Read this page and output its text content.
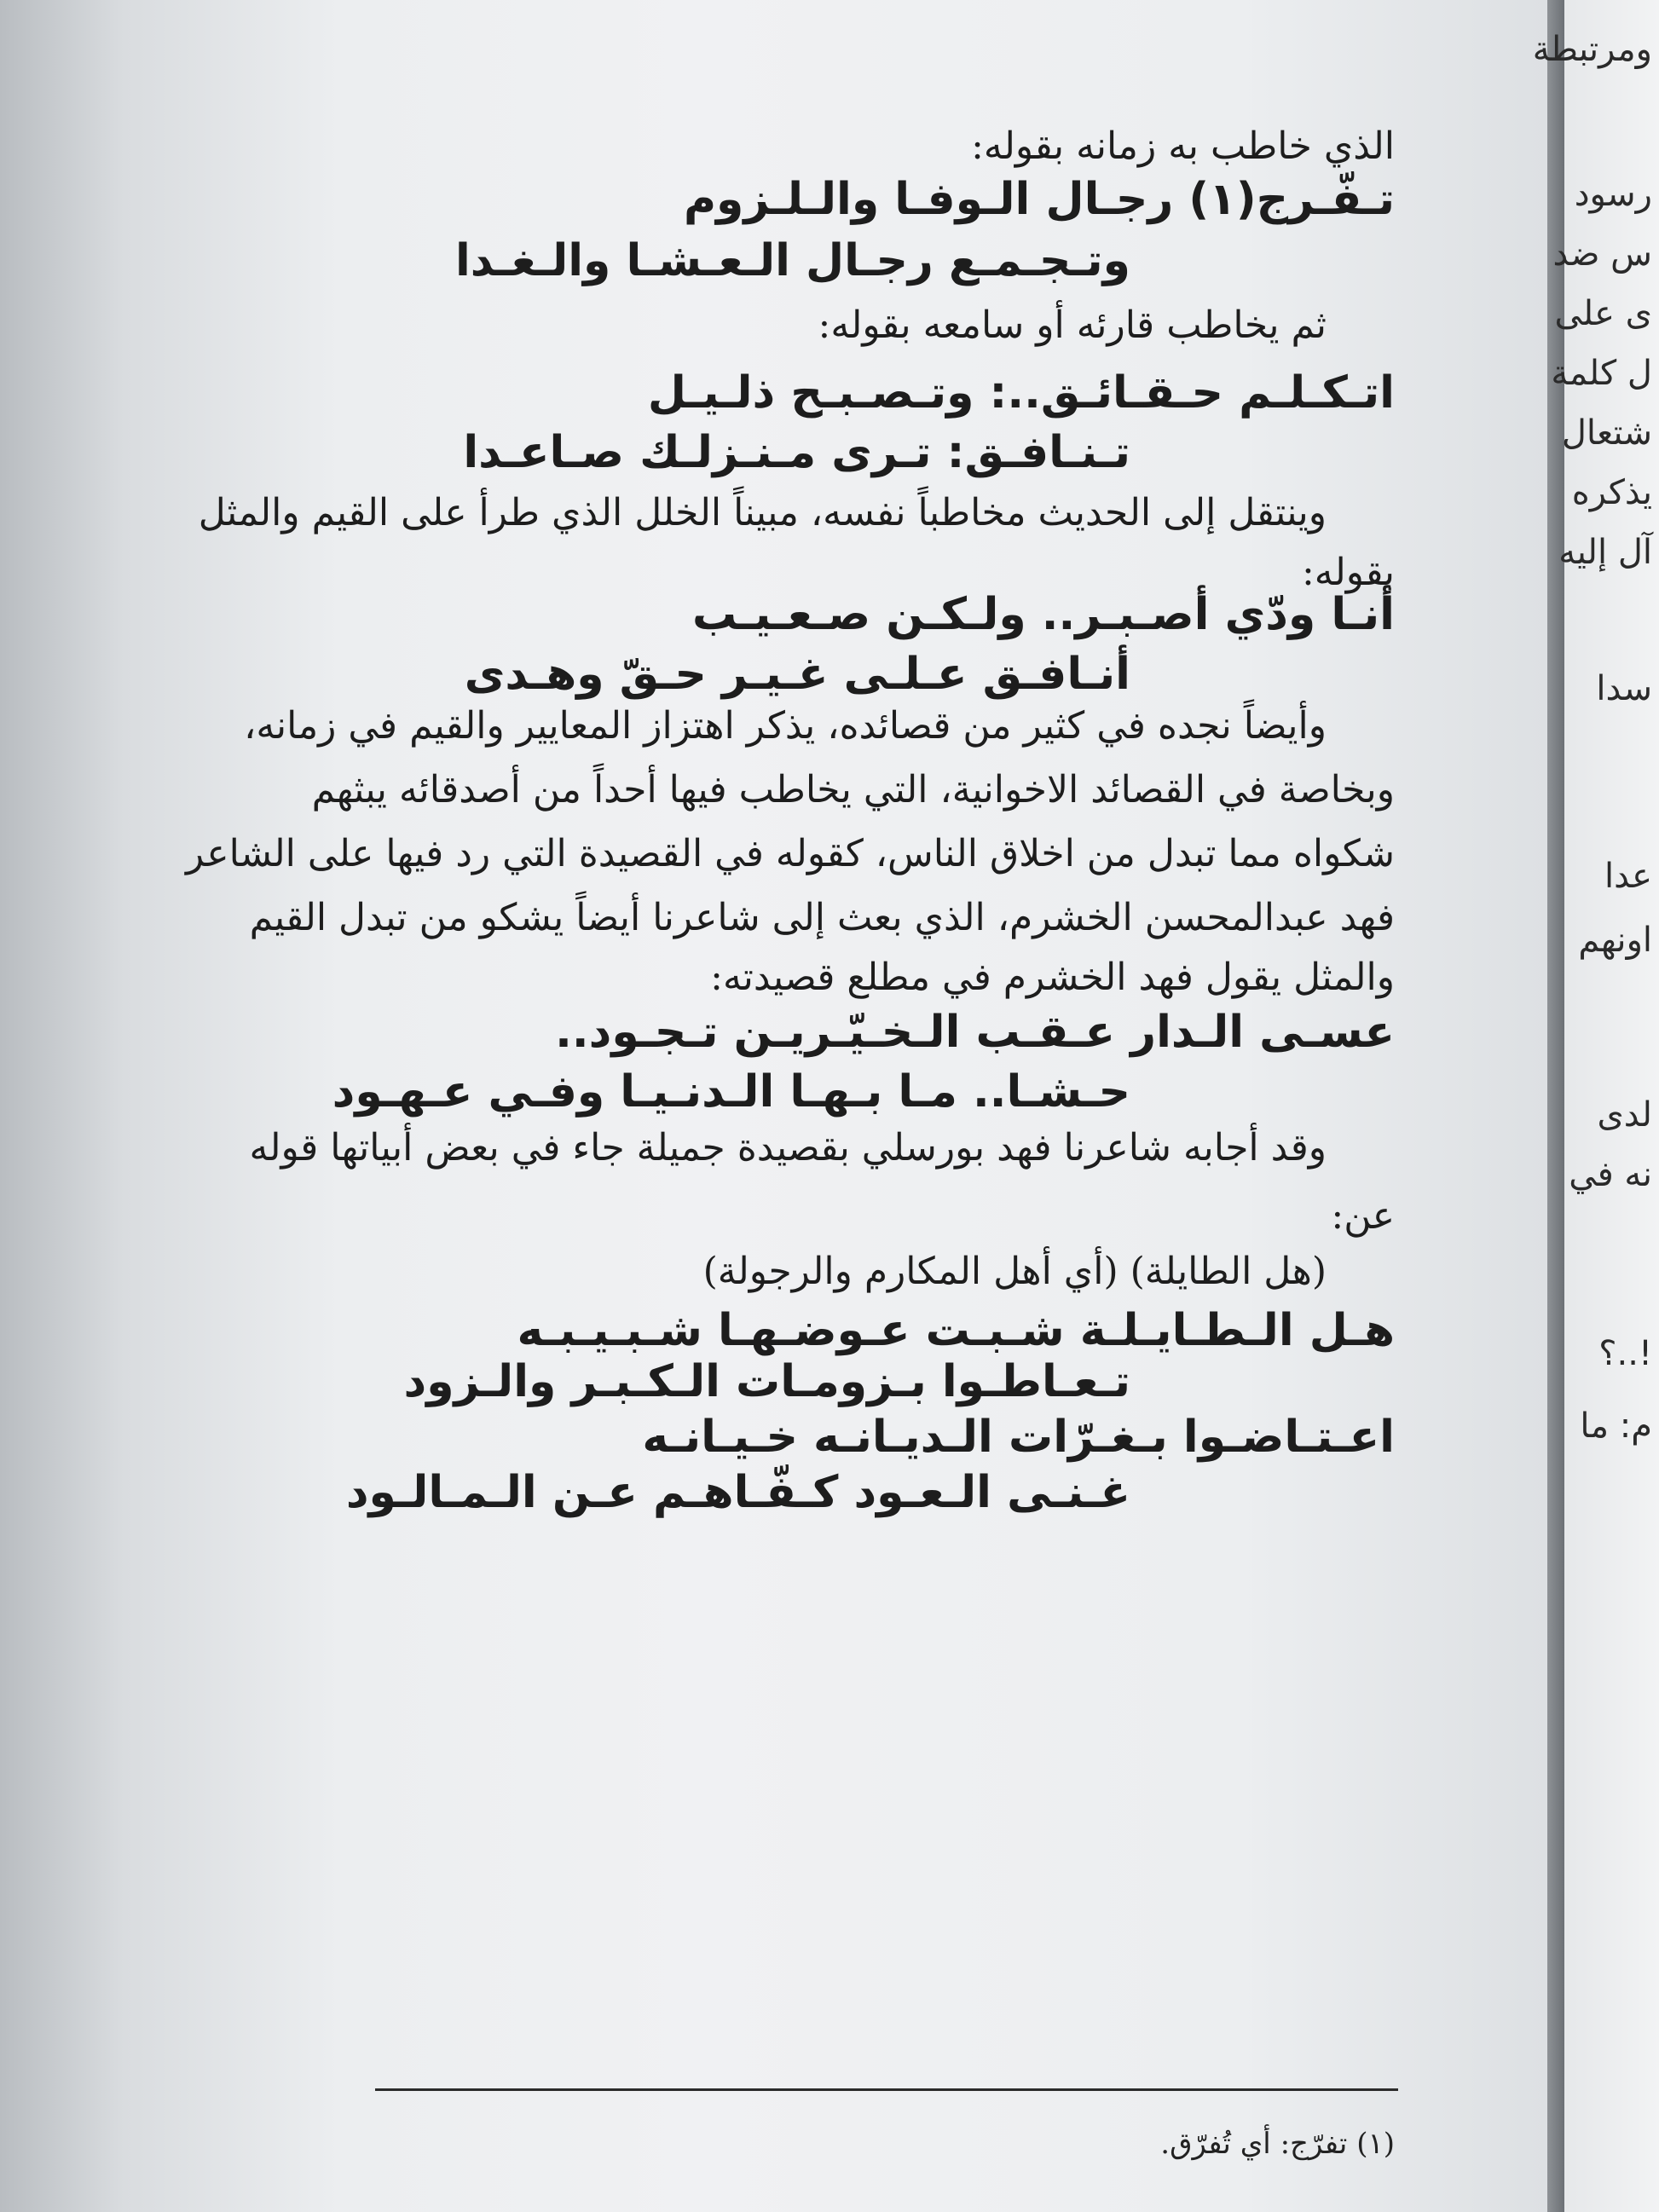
ومرتبطة
رسود
س ضد
ى على
ل كلمة
شتعال
يذكره
آل إليه
سدا
عدا
اونهم
لدى
نه في
!..؟
م: ما
الذي خاطب به زمانه بقوله:
تـفّـرج(١) رجـال الـوفـا والـلـزوم
وتـجـمـع رجـال الـعـشـا والـغـدا
ثم يخاطب قارئه أو سامعه بقوله:
اتـكـلـم حـقـائـق..: وتـصـبـح ذلـيـل
تـنـافـق: تـرى مـنـزلـك صـاعـدا
وينتقل إلى الحديث مخاطباً نفسه، مبيناً الخلل الذي طرأ على القيم والمثل
بقوله:
أنـا ودّي أصـبـر.. ولـكـن صـعـيـب
أنـافـق عـلـى غـيـر حـقّ وهـدى
وأيضاً نجده في كثير من قصائده، يذكر اهتزاز المعايير والقيم في زمانه،
وبخاصة في القصائد الاخوانية، التي يخاطب فيها أحداً من أصدقائه يبثهم
شكواه مما تبدل من اخلاق الناس، كقوله في القصيدة التي رد فيها على الشاعر
فهد عبدالمحسن الخشرم، الذي بعث إلى شاعرنا أيضاً يشكو من تبدل القيم
والمثل يقول فهد الخشرم في مطلع قصيدته:
عسـى الـدار عـقـب الـخـيّـريـن تـجـود..
حـشـا.. مـا بـهـا الـدنـيـا وفـي عـهـود
وقد أجابه شاعرنا فهد بورسلي بقصيدة جميلة جاء في بعض أبياتها قوله
عن:
(هل الطايلة) (أي أهل المكارم والرجولة)
هـل الـطـايـلـة شـبـت عـوضـهـا شـبـيـبـه
تـعـاطـوا بـزومـات الـكـبـر والـزود
اعـتـاضـوا بـغـرّات الـديـانـه خـيـانـه
غـنـى الـعـود كـفّـاهـم عـن الـمـالـود
(١) تفرّج: أي تُفرّق.
